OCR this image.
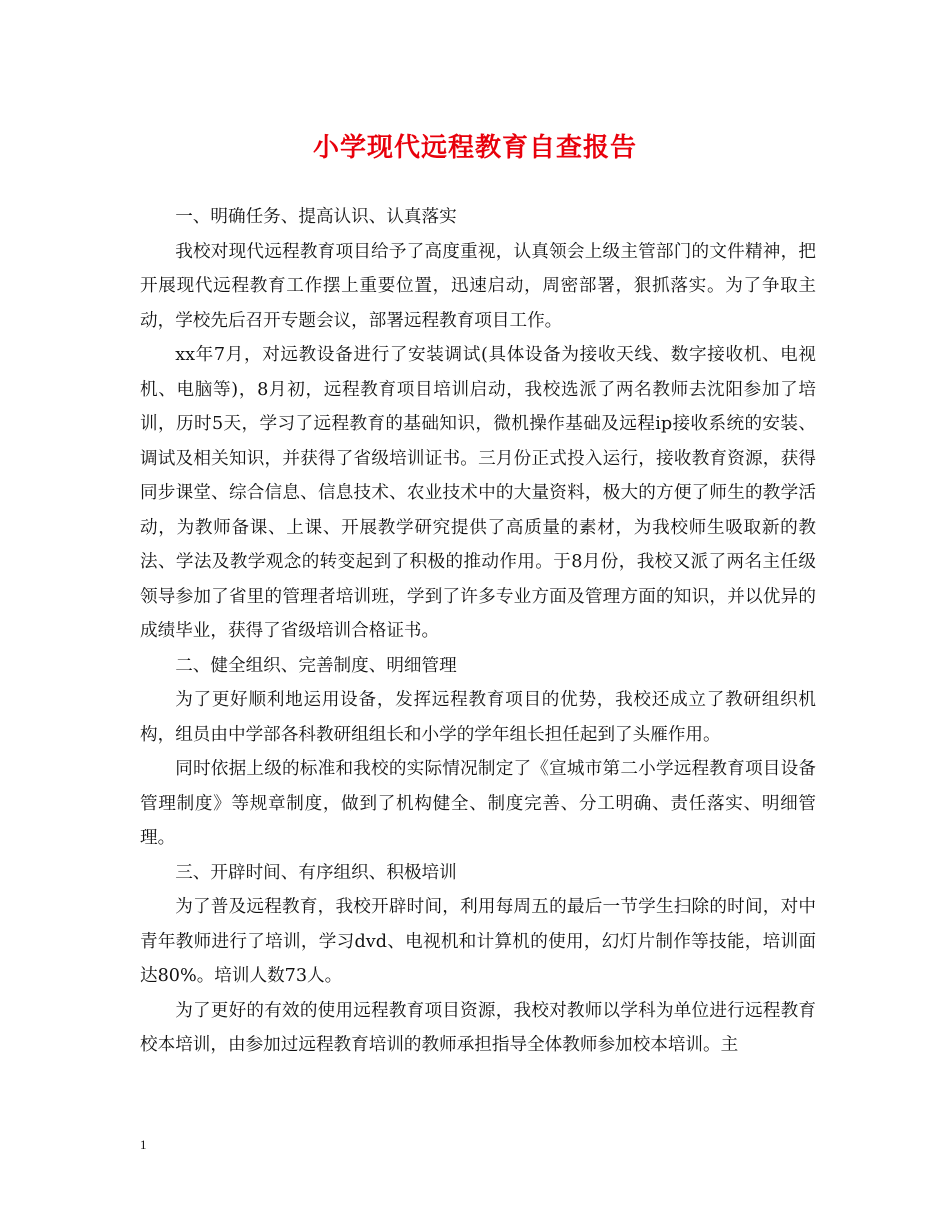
小学现代远程教育自查报告

一、明确任务、提高认识、认真落实

我校对现代远程教育项目给予了高度重视，认真领会上级主管部门的文件精神，把开展现代远程教育工作摆上重要位置，迅速启动，周密部署，狠抓落实。为了争取主动，学校先后召开专题会议，部署远程教育项目工作。

xx年7月，对远教设备进行了安装调试(具体设备为接收天线、数字接收机、电视机、电脑等)，8月初，远程教育项目培训启动，我校选派了两名教师去沈阳参加了培训，历时5天，学习了远程教育的基础知识，微机操作基础及远程ip接收系统的安装、调试及相关知识，并获得了省级培训证书。三月份正式投入运行，接收教育资源，获得同步课堂、综合信息、信息技术、农业技术中的大量资料，极大的方便了师生的教学活动，为教师备课、上课、开展教学研究提供了高质量的素材，为我校师生吸取新的教法、学法及教学观念的转变起到了积极的推动作用。于8月份，我校又派了两名主任级领导参加了省里的管理者培训班，学到了许多专业方面及管理方面的知识，并以优异的成绩毕业，获得了省级培训合格证书。

二、健全组织、完善制度、明细管理

为了更好顺利地运用设备，发挥远程教育项目的优势，我校还成立了教研组织机构，组员由中学部各科教研组组长和小学的学年组长担任起到了头雁作用。

同时依据上级的标准和我校的实际情况制定了《宣城市第二小学远程教育项目设备管理制度》等规章制度，做到了机构健全、制度完善、分工明确、责任落实、明细管理。

三、开辟时间、有序组织、积极培训

为了普及远程教育，我校开辟时间，利用每周五的最后一节学生扫除的时间，对中青年教师进行了培训，学习dvd、电视机和计算机的使用，幻灯片制作等技能，培训面达80%。培训人数73人。

为了更好的有效的使用远程教育项目资源，我校对教师以学科为单位进行远程教育校本培训，由参加过远程教育培训的教师承担指导全体教师参加校本培训。主

1
